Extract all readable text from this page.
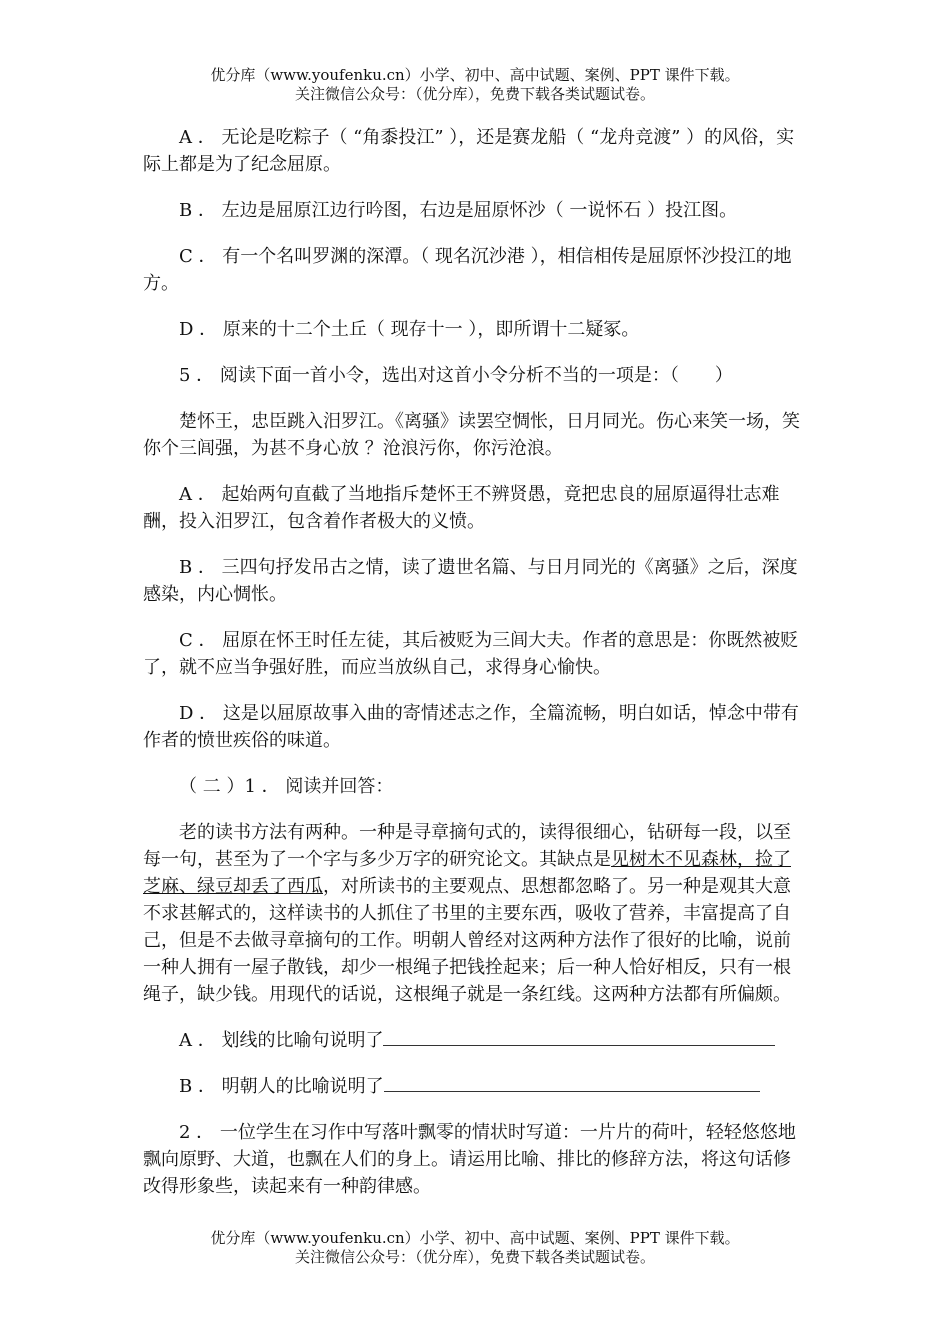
优分库（www.youfenku.cn）小学、初中、高中试题、案例、PPT 课件下载。
关注微信公众号：（优分库），免费下载各类试题试卷。

A ． 无论是吃粽子（ “角黍投江” ），还是赛龙船（ “龙舟竞渡” ）的风俗，实际上都是为了纪念屈原。

B ． 左边是屈原江边行吟图，右边是屈原怀沙（ 一说怀石 ）投江图。

C ． 有一个名叫罗渊的深潭。（ 现名沉沙港 ），相信相传是屈原怀沙投江的地方。

D ． 原来的十二个土丘（ 现存十一 ），即所谓十二疑冢。

5 ． 阅读下面一首小令，选出对这首小令分析不当的一项是：（　　）

楚怀王，忠臣跳入汨罗江。《离骚》读罢空惆怅，日月同光。伤心来笑一场，笑你个三闾强，为甚不身心放 ？沧浪污你，你污沧浪。

A ． 起始两句直截了当地指斥楚怀王不辨贤愚，竟把忠良的屈原逼得壮志难酬，投入汨罗江，包含着作者极大的义愤。

B ． 三四句抒发吊古之情，读了遗世名篇、与日月同光的《离骚》之后，深度感染，内心惆怅。

C ． 屈原在怀王时任左徒，其后被贬为三闾大夫。作者的意思是：你既然被贬了，就不应当争强好胜，而应当放纵自己，求得身心愉快。

D ． 这是以屈原故事入曲的寄情述志之作，全篇流畅，明白如话，悼念中带有作者的愤世疾俗的味道。

（ 二 ）1 ． 阅读并回答：

老的读书方法有两种。一种是寻章摘句式的，读得很细心，钻研每一段，以至每一句，甚至为了一个字与多少万字的研究论文。其缺点是见树木不见森林，捡了芝麻、绿豆却丢了西瓜，对所读书的主要观点、思想都忽略了。另一种是观其大意不求甚解式的，这样读书的人抓住了书里的主要东西，吸收了营养，丰富提高了自己，但是不去做寻章摘句的工作。明朝人曾经对这两种方法作了很好的比喻，说前一种人拥有一屋子散钱，却少一根绳子把钱拴起来；后一种人恰好相反，只有一根绳子，缺少钱。用现代的话说，这根绳子就是一条红线。这两种方法都有所偏颇。

A ． 划线的比喻句说明了

B ． 明朝人的比喻说明了

2 ． 一位学生在习作中写落叶飘零的情状时写道：一片片的荷叶，轻轻悠悠地飘向原野、大道，也飘在人们的身上。请运用比喻、排比的修辞方法，将这句话修改得形象些，读起来有一种韵律感。

优分库（www.youfenku.cn）小学、初中、高中试题、案例、PPT 课件下载。
关注微信公众号：（优分库），免费下载各类试题试卷。
